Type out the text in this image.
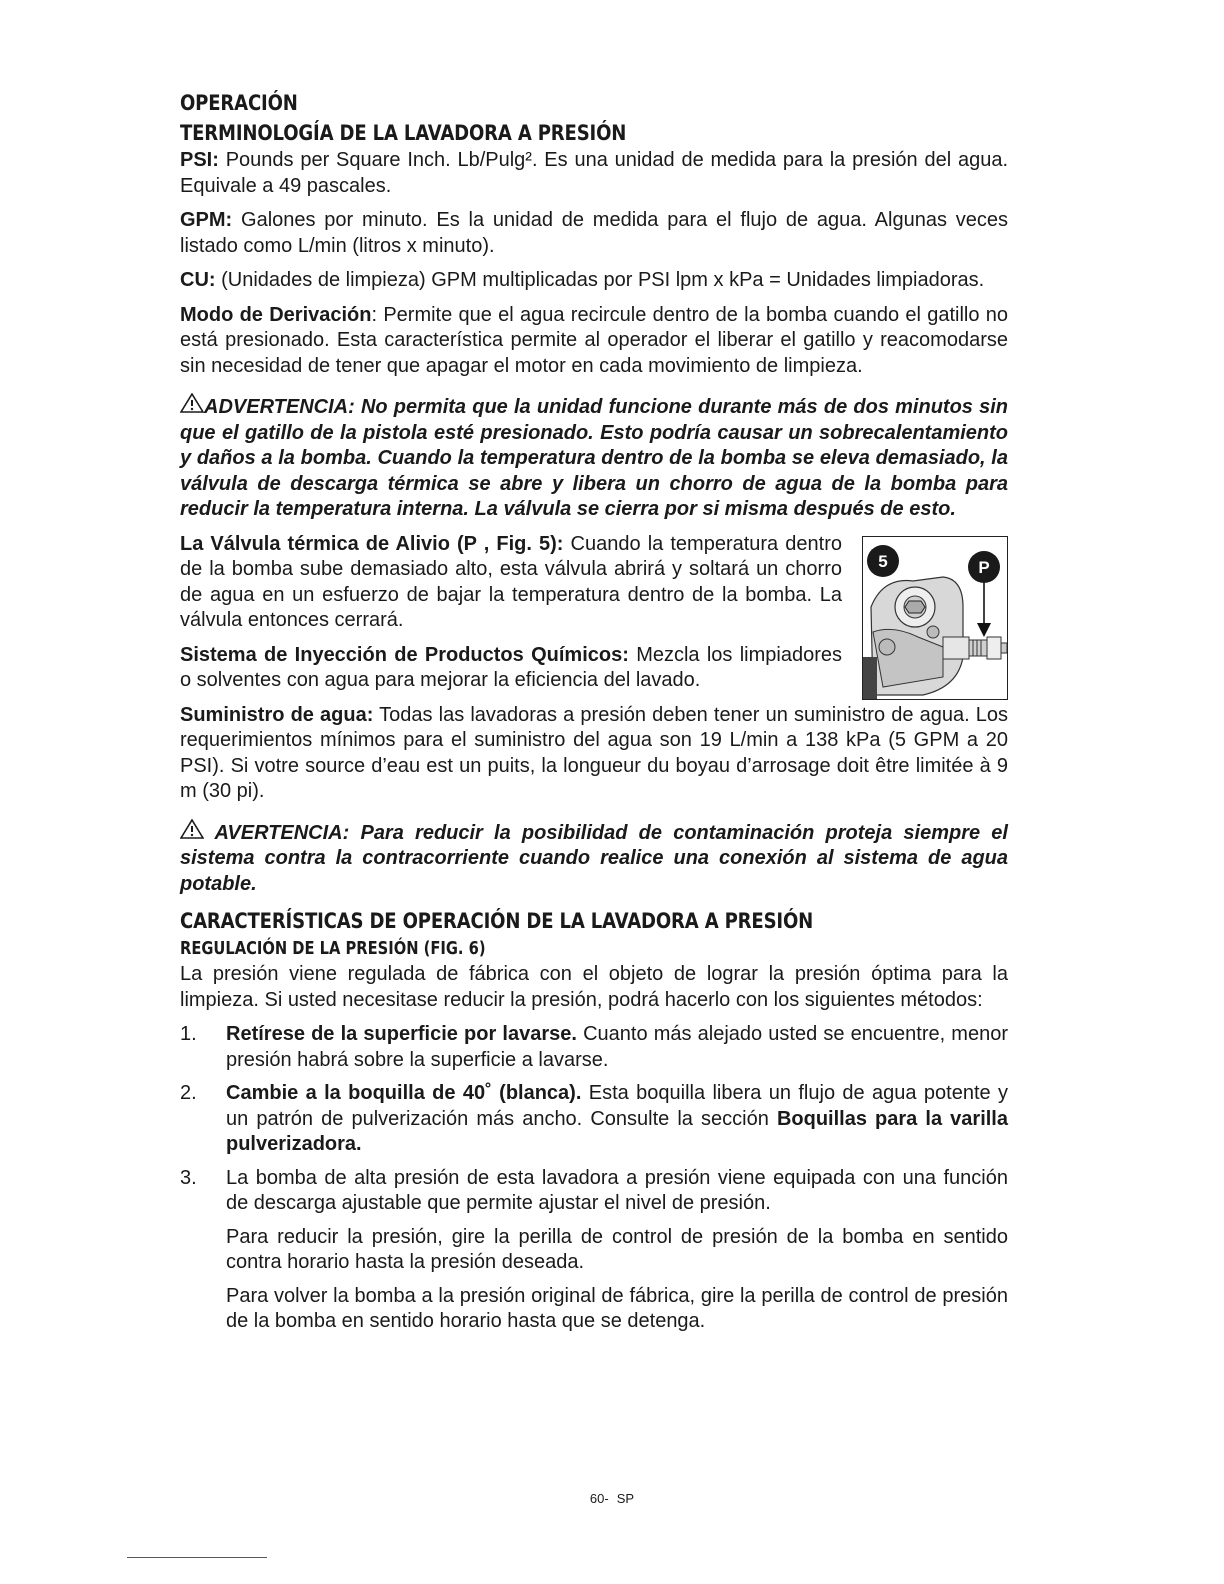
OPERACIÓN
TERMINOLOGÍA DE LA LAVADORA A PRESIÓN

PSI: Pounds per Square Inch. Lb/Pulg². Es una unidad de medida para la presión del agua. Equivale a 49 pascales.

GPM: Galones por minuto. Es la unidad de medida para el flujo de agua. Algunas veces listado como L/min (litros x minuto).

CU: (Unidades de limpieza) GPM multiplicadas por PSI lpm x kPa = Unidades limpiadoras.

Modo de Derivación: Permite que el agua recircule dentro de la bomba cuando el gatillo no está presionado. Esta característica permite al operador el liberar el gatillo y reacomodarse sin necesidad de tener que apagar el motor en cada movimiento de limpieza.

ADVERTENCIA: No permita que la unidad funcione durante más de dos minutos sin que el gatillo de la pistola esté presionado. Esto podría causar un sobrecalentamiento y daños a la bomba. Cuando la temperatura dentro de la bomba se eleva demasiado, la válvula de descarga térmica se abre y libera un chorro de agua de la bomba para reducir la temperatura interna. La válvula se cierra por si misma después de esto.

5	P

La Válvula térmica de Alivio (P , Fig. 5): Cuando la temperatura dentro de la bomba sube demasiado alto, esta válvula abrirá y soltará un chorro de agua en un esfuerzo de bajar la temperatura dentro de la bomba. La válvula entonces cerrará.

Sistema de Inyección de Productos Químicos: Mezcla los limpiadores o solventes con agua para mejorar la eficiencia del lavado.

Suministro de agua: Todas las lavadoras a presión deben tener un suministro de agua. Los requerimientos mínimos para el suministro del agua son 19 L/min a 138 kPa (5 GPM a 20 PSI). Si votre source d’eau est un puits, la longueur du boyau d’arrosage doit être limitée à 9 m (30 pi).

AVERTENCIA: Para reducir la posibilidad de contaminación proteja siempre el sistema contra la contracorriente cuando realice una conexión al sistema de agua potable.

CARACTERÍSTICAS DE OPERACIÓN DE LA LAVADORA A PRESIÓN
REGULACIÓN DE LA PRESIÓN (FIG. 6)

La presión viene regulada de fábrica con el objeto de lograr la presión óptima para la limpieza. Si usted necesitase reducir la presión, podrá hacerlo con los siguientes métodos:

1. Retírese de la superficie por lavarse. Cuanto más alejado usted se encuentre, menor presión habrá sobre la superficie a lavarse.
2. Cambie a la boquilla de 40˚ (blanca). Esta boquilla libera un flujo de agua potente y un patrón de pulverización más ancho. Consulte la sección Boquillas para la varilla pulverizadora.
3. La bomba de alta presión de esta lavadora a presión viene equipada con una función de descarga ajustable que permite ajustar el nivel de presión.

Para reducir la presión, gire la perilla de control de presión de la bomba en sentido contra horario hasta la presión deseada.

Para volver la bomba a la presión original de fábrica, gire la perilla de control de presión de la bomba en sentido horario hasta que se detenga.

60- SP
